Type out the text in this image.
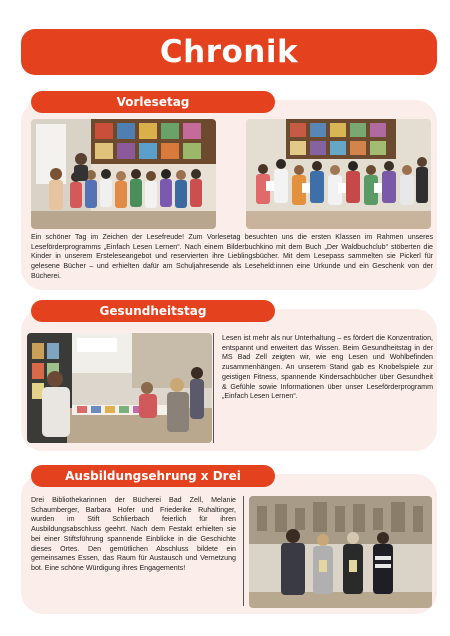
Chronik
Vorlesetag
Ein schöner Tag im Zeichen der Lesefreude! Zum Vorlesetag besuchten uns die ersten Klassen im Rahmen unseres Leseförderprogramms „Einfach Lesen Lernen“. Nach einem Bilderbuchkino mit dem Buch „Der Waldbuchclub“ stöberten die Kinder in unserem Ersteleseangebot und reservierten ihre Lieblingsbücher. Mit dem Lesepass sammelten sie Pickerl für gelesene Bücher – und erhielten dafür am Schuljahresende als Leseheld:innen eine Urkunde und ein Geschenk von der Bücherei.
Gesundheitstag
Lesen ist mehr als nur Unterhaltung – es fördert die Konzentration, entspannt und erweitert das Wissen. Beim Gesundheitstag in der MS Bad Zell zeigten wir, wie eng Lesen und Wohlbefinden zusammenhängen. An unserem Stand gab es Knobelspiele zur geistigen Fitness, spannende Kindersachbücher über Gesundheit & Gefühle sowie Informationen über unser Leseförderprogramm „Einfach Lesen Lernen“.
Ausbildungsehrung x Drei
Drei Bibliothekarinnen der Bücherei Bad Zell, Melanie Schaumberger, Barbara Hofer und Friederike Ruhaltinger, wurden im Stift Schlierbach feierlich für ihren Ausbildungsabschluss geehrt. Nach dem Festakt erhielten sie bei einer Stiftsführung spannende Einblicke in die Geschichte dieses Ortes. Den gemütlichen Abschluss bildete ein gemeinsames Essen, das Raum für Austausch und Vernetzung bot. Eine schöne Würdigung ihres Engagements!
